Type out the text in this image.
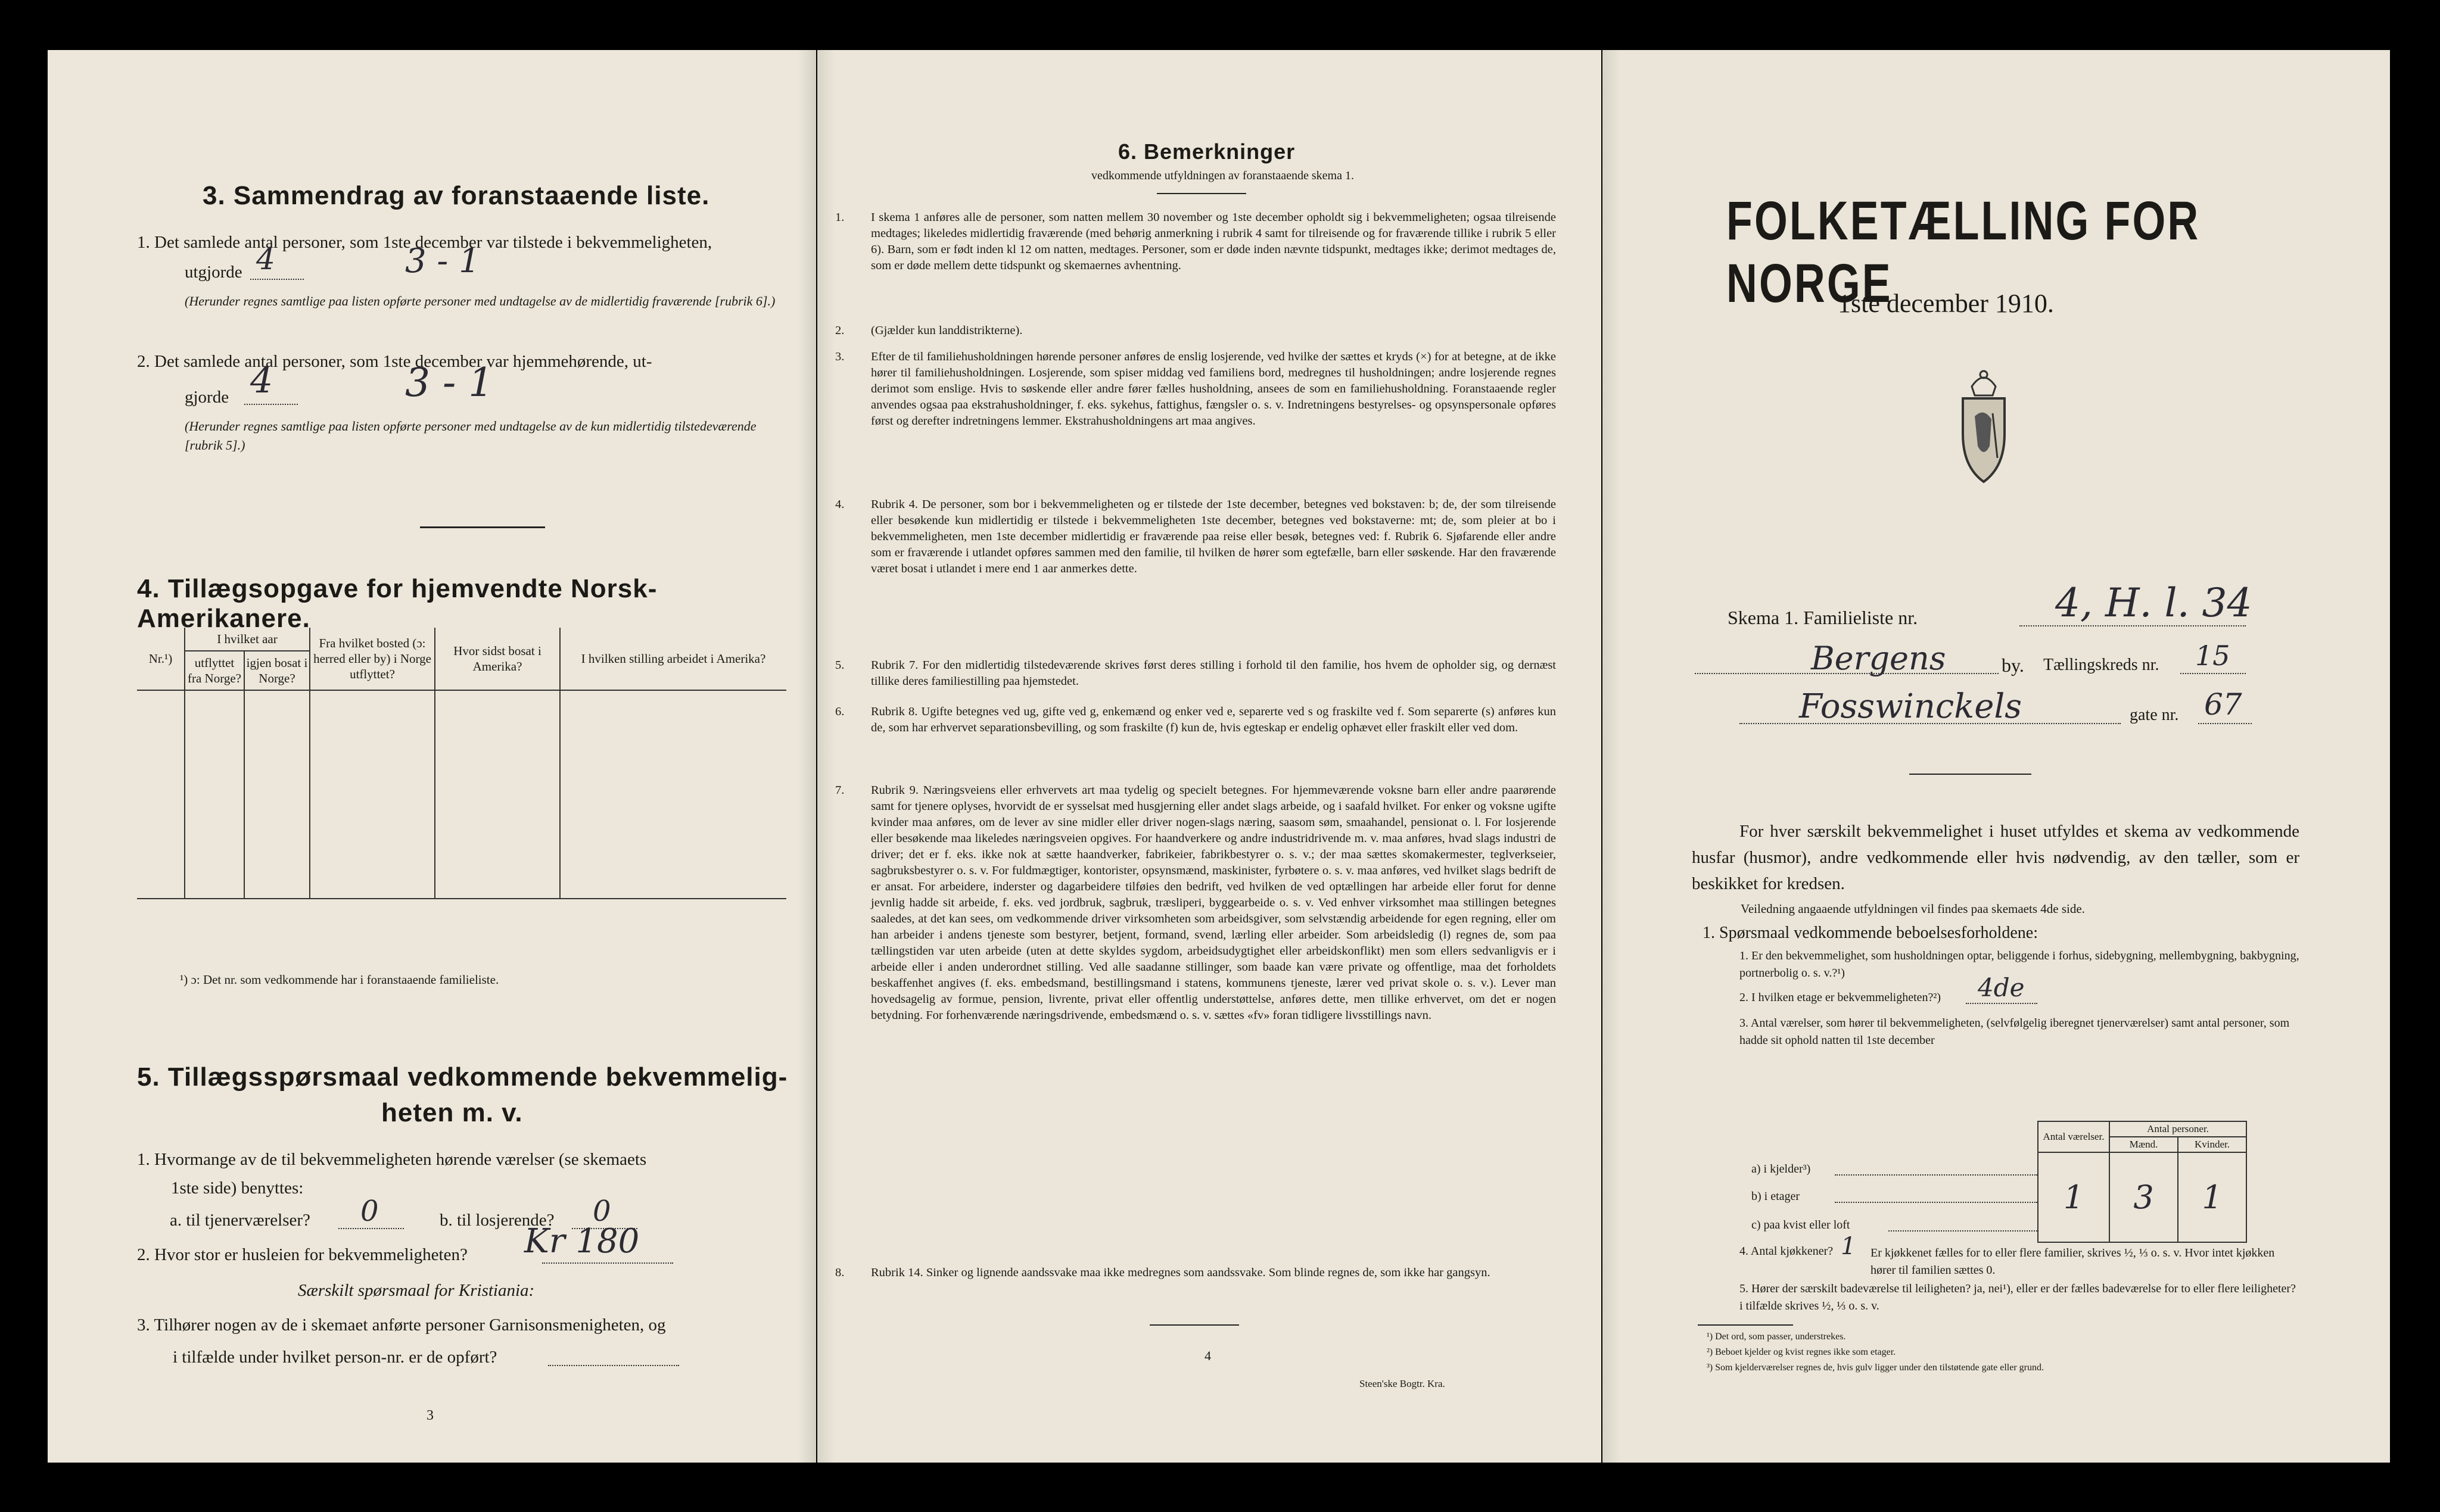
3. Sammendrag av foranstaaende liste.
1. Det samlede antal personer, som 1ste december var tilstede i bekvemmeligheten,
utgjorde 4	3 - 1
(Herunder regnes samtlige paa listen opførte personer med undtagelse av de midlertidig fraværende [rubrik 6].)
2. Det samlede antal personer, som 1ste december var hjemmehørende, ut-
gjorde 4	3 - 1
(Herunder regnes samtlige paa listen opførte personer med undtagelse av de kun midlertidig tilstedeværende [rubrik 5].)
4. Tillægsopgave for hjemvendte Norsk-Amerikanere.
Nr.¹)	I hvilket aar		Fra hvilket bosted (ɔ: herred eller by) i Norge utflyttet?	Hvor sidst bosat i Amerika?	I hvilken stilling arbeidet i Amerika?
	utflyttet fra Norge?	igjen bosat i Norge?			

¹) ɔ: Det nr. som vedkommende har i foranstaaende familieliste.
5. Tillægsspørsmaal vedkommende bekvemmelig-
heten m. v.
1. Hvormange av de til bekvemmeligheten hørende værelser (se skemaets
1ste side) benyttes:
a. til tjenerværelser? 0	b. til losjerende? 0
2. Hvor stor er husleien for bekvemmeligheten? Kr 180
Særskilt spørsmaal for Kristiania:
3. Tilhører nogen av de i skemaet anførte personer Garnisonsmenigheten, og
i tilfælde under hvilket person-nr. er de opført?
3
6. Bemerkninger
vedkommende utfyldningen av foranstaaende skema 1.
1. I skema 1 anføres alle de personer, som natten mellem 30 november og 1ste december opholdt sig i bekvemmeligheten; ogsaa tilreisende medtages; likeledes midlertidig fraværende (med behørig anmerkning i rubrik 4 samt for tilreisende og for fraværende tillike i rubrik 5 eller 6). Barn, som er født inden kl 12 om natten, medtages. Personer, som er døde inden nævnte tidspunkt, medtages ikke; derimot medtages de, som er døde mellem dette tidspunkt og skemaernes avhentning.
2. (Gjælder kun landdistrikterne).
3. Efter de til familiehusholdningen hørende personer anføres de enslig losjerende, ved hvilke der sættes et kryds (×) for at betegne, at de ikke hører til familiehusholdningen. Losjerende, som spiser middag ved familiens bord, medregnes til husholdningen; andre losjerende regnes derimot som enslige. Hvis to søskende eller andre fører fælles husholdning, ansees de som en familiehusholdning. Foranstaaende regler anvendes ogsaa paa ekstrahusholdninger, f. eks. sykehus, fattighus, fængsler o. s. v. Indretningens bestyrelses- og opsynspersonale opføres først og derefter indretningens lemmer. Ekstrahusholdningens art maa angives.
4. Rubrik 4. De personer, som bor i bekvemmeligheten og er tilstede der 1ste december, betegnes ved bokstaven: b; de, der som tilreisende eller besøkende kun midlertidig er tilstede i bekvemmeligheten 1ste december, betegnes ved bokstaverne: mt; de, som pleier at bo i bekvemmeligheten, men 1ste december midlertidig er fraværende paa reise eller besøk, betegnes ved: f. Rubrik 6. Sjøfarende eller andre som er fraværende i utlandet opføres sammen med den familie, til hvilken de hører som egtefælle, barn eller søskende. Har den fraværende været bosat i utlandet i mere end 1 aar anmerkes dette.
5. Rubrik 7. For den midlertidig tilstedeværende skrives først deres stilling i forhold til den familie, hos hvem de opholder sig, og dernæst tillike deres familiestilling paa hjemstedet.
6. Rubrik 8. Ugifte betegnes ved ug, gifte ved g, enkemænd og enker ved e, separerte ved s og fraskilte ved f. Som separerte (s) anføres kun de, som har erhvervet separationsbevilling, og som fraskilte (f) kun de, hvis egteskap er endelig ophævet eller fraskilt eller ved dom.
7. Rubrik 9. Næringsveiens eller erhvervets art maa tydelig og specielt betegnes. For hjemmeværende voksne barn eller andre paarørende samt for tjenere oplyses, hvorvidt de er sysselsat med husgjerning eller andet slags arbeide, og i saafald hvilket. For enker og voksne ugifte kvinder maa anføres, om de lever av sine midler eller driver nogen-slags næring, saasom søm, smaahandel, pensionat o. l. For losjerende eller besøkende maa likeledes næringsveien opgives. For haandverkere og andre industridrivende m. v. maa anføres, hvad slags industri de driver; det er f. eks. ikke nok at sætte haandverker, fabrikeier, fabrikbestyrer o. s. v.; der maa sættes skomakermester, teglverkseier, sagbruksbestyrer o. s. v. For fuldmægtiger, kontorister, opsynsmænd, maskinister, fyrbøtere o. s. v. maa anføres, ved hvilket slags bedrift de er ansat. For arbeidere, inderster og dagarbeidere tilføies den bedrift, ved hvilken de ved optællingen har arbeide eller forut for denne jevnlig hadde sit arbeide, f. eks. ved jordbruk, sagbruk, træsliperi, byggearbeide o. s. v. Ved enhver virksomhet maa stillingen betegnes saaledes, at det kan sees, om vedkommende driver virksomheten som arbeidsgiver, som selvstændig arbeidende for egen regning, eller om han arbeider i andens tjeneste som bestyrer, betjent, formand, svend, lærling eller arbeider. Som arbeidsledig (l) regnes de, som paa tællingstiden var uten arbeide (uten at dette skyldes sygdom, arbeidsudygtighet eller arbeidskonflikt) men som ellers sedvanligvis er i arbeide eller i anden underordnet stilling. Ved alle saadanne stillinger, som baade kan være private og offentlige, maa det forholdets beskaffenhet angives (f. eks. embedsmand, bestillingsmand i statens, kommunens tjeneste, lærer ved privat skole o. s. v.). Lever man hovedsagelig av formue, pension, livrente, privat eller offentlig understøttelse, anføres dette, men tillike erhvervet, om det er nogen betydning. For forhenværende næringsdrivende, embedsmænd o. s. v. sættes «fv» foran tidligere livsstillings navn.
8. Rubrik 14. Sinker og lignende aandssvake maa ikke medregnes som aandssvake. Som blinde regnes de, som ikke har gangsyn.
4
Steen'ske Bogtr. Kra.
FOLKETÆLLING FOR NORGE
1ste december 1910.
Skema 1. Familieliste nr.	4, H. l. 34
Bergens	by. Tællingskreds nr. 15
Fosswinckels	gate nr. 67
For hver særskilt bekvemmelighet i huset utfyldes et skema av vedkommende husfar (husmor), andre vedkommende eller hvis nødvendig, av den tæller, som er beskikket for kredsen.
Veiledning angaaende utfyldningen vil findes paa skemaets 4de side.
1. Spørsmaal vedkommende beboelsesforholdene:
1. Er den bekvemmelighet, som husholdningen optar, beliggende i forhus, sidebygning, mellembygning, bakbygning, portnerbolig o. s. v.?¹)
2. I hvilken etage er bekvemmeligheten?²) 4de
3. Antal værelser, som hører til bekvemmeligheten, (selvfølgelig iberegnet tjenerværelser) samt antal personer, som hadde sit ophold natten til 1ste december
a) i kjelder³)
b) i etager
c) paa kvist eller loft
Antal værelser.	Antal personer.	
	Mænd.	Kvinder.

1	3	1

4. Antal kjøkkener? 1 Er kjøkkenet fælles for to eller flere familier, skrives ½, ⅓ o. s. v. Hvor intet kjøkken hører til familien sættes 0.
5. Hører der særskilt badeværelse til leiligheten? ja, nei¹), eller er der fælles badeværelse for to eller flere leiligheter? i tilfælde skrives ½, ⅓ o. s. v.
¹) Det ord, som passer, understrekes.
²) Beboet kjelder og kvist regnes ikke som etager.
³) Som kjelderværelser regnes de, hvis gulv ligger under den tilstøtende gate eller grund.
